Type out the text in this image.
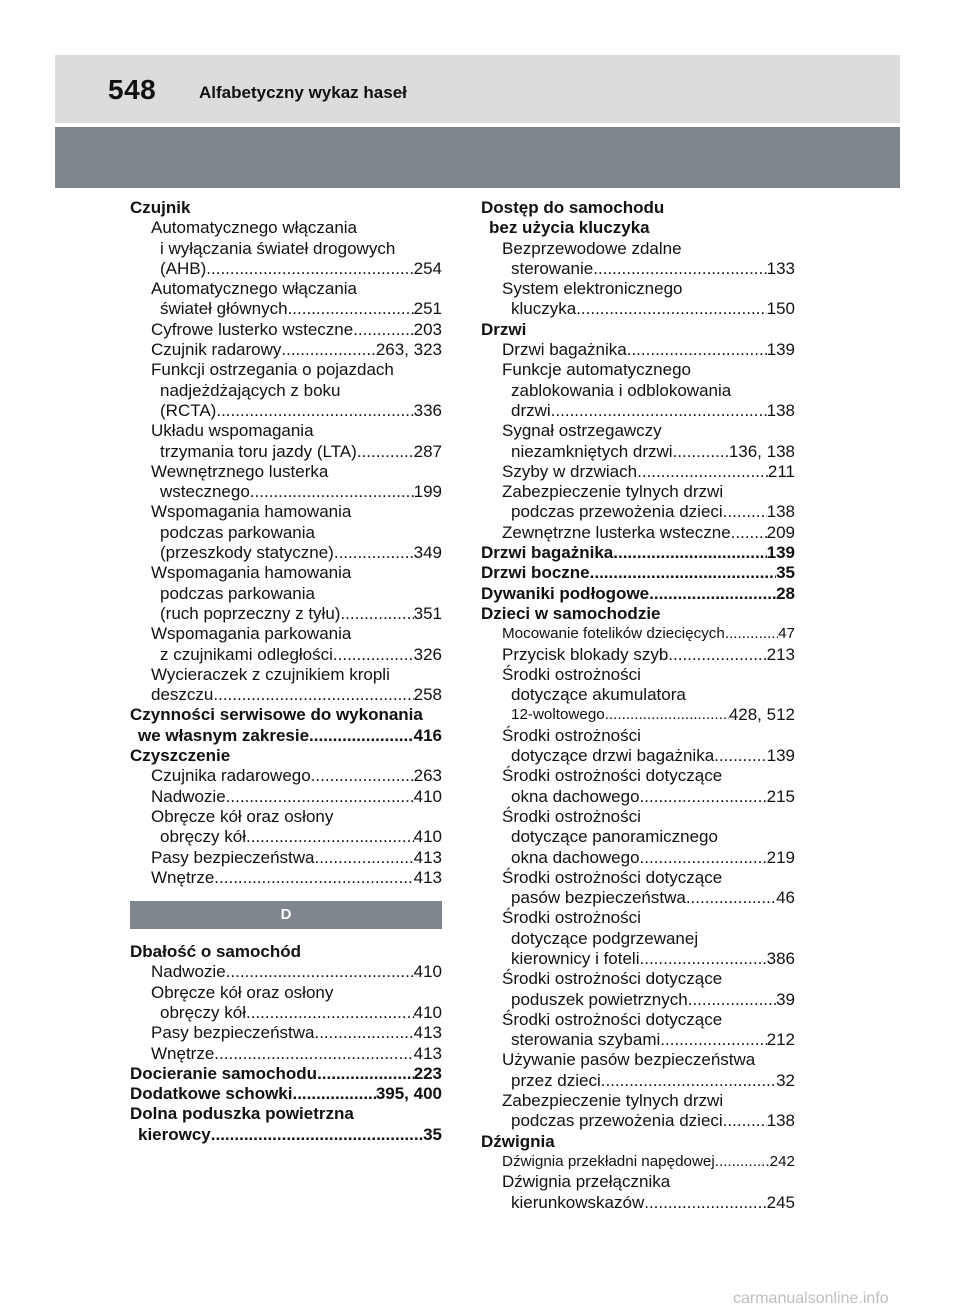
548	Alfabetyczny wykaz haseł
Czujnik
Automatycznego włączania
i wyłączania świateł drogowych
(AHB) .....	254
Automatycznego włączania
świateł głównych .....	251
Cyfrowe lusterko wsteczne .....	203
Czujnik radarowy .....	263, 323
Funkcji ostrzegania o pojazdach
nadjeżdżających z boku
(RCTA) .....	336
Układu wspomagania
trzymania toru jazdy (LTA) .....	287
Wewnętrznego lusterka
wstecznego .....	199
Wspomagania hamowania
podczas parkowania
(przeszkody statyczne) .....	349
Wspomagania hamowania
podczas parkowania
(ruch poprzeczny z tyłu) .....	351
Wspomagania parkowania
z czujnikami odległości .....	326
Wycieraczek z czujnikiem kropli
deszczu .....	258
Czynności serwisowe do wykonania
we własnym zakresie .....	416
Czyszczenie
Czujnika radarowego .....	263
Nadwozie .....	410
Obręcze kół oraz osłony
obręczy kół .....	410
Pasy bezpieczeństwa .....	413
Wnętrze .....	413
D
Dbałość o samochód
Nadwozie .....	410
Obręcze kół oraz osłony
obręczy kół .....	410
Pasy bezpieczeństwa .....	413
Wnętrze .....	413
Docieranie samochodu .....	223
Dodatkowe schowki .....	395, 400
Dolna poduszka powietrzna
kierowcy .....	35
Dostęp do samochodu
bez użycia kluczyka
Bezprzewodowe zdalne
sterowanie .....	133
System elektronicznego
kluczyka .....	150
Drzwi
Drzwi bagażnika .....	139
Funkcje automatycznego
zablokowania i odblokowania
drzwi .....	138
Sygnał ostrzegawczy
niezamkniętych drzwi .....	136, 138
Szyby w drzwiach .....	211
Zabezpieczenie tylnych drzwi
podczas przewożenia dzieci .....	138
Zewnętrzne lusterka wsteczne ..... 209
Drzwi bagażnika .....	139
Drzwi boczne .....	35
Dywaniki podłogowe .....	28
Dzieci w samochodzie
Mocowanie fotelików dziecięcych .....	47
Przycisk blokady szyb .....	213
Środki ostrożności
dotyczące akumulatora
12-woltowego .....	428, 512
Środki ostrożności
dotyczące drzwi bagażnika .....	139
Środki ostrożności dotyczące
okna dachowego .....	215
Środki ostrożności
dotyczące panoramicznego
okna dachowego .....	219
Środki ostrożności dotyczące
pasów bezpieczeństwa .....	46
Środki ostrożności
dotyczące podgrzewanej
kierownicy i foteli .....	386
Środki ostrożności dotyczące
poduszek powietrznych .....	39
Środki ostrożności dotyczące
sterowania szybami .....	212
Używanie pasów bezpieczeństwa
przez dzieci .....	32
Zabezpieczenie tylnych drzwi
podczas przewożenia dzieci .....	138
Dźwignia
Dźwignia przekładni napędowej .....	242
Dźwignia przełącznika
kierunkowskazów .....	245
carmanualsonline.info
